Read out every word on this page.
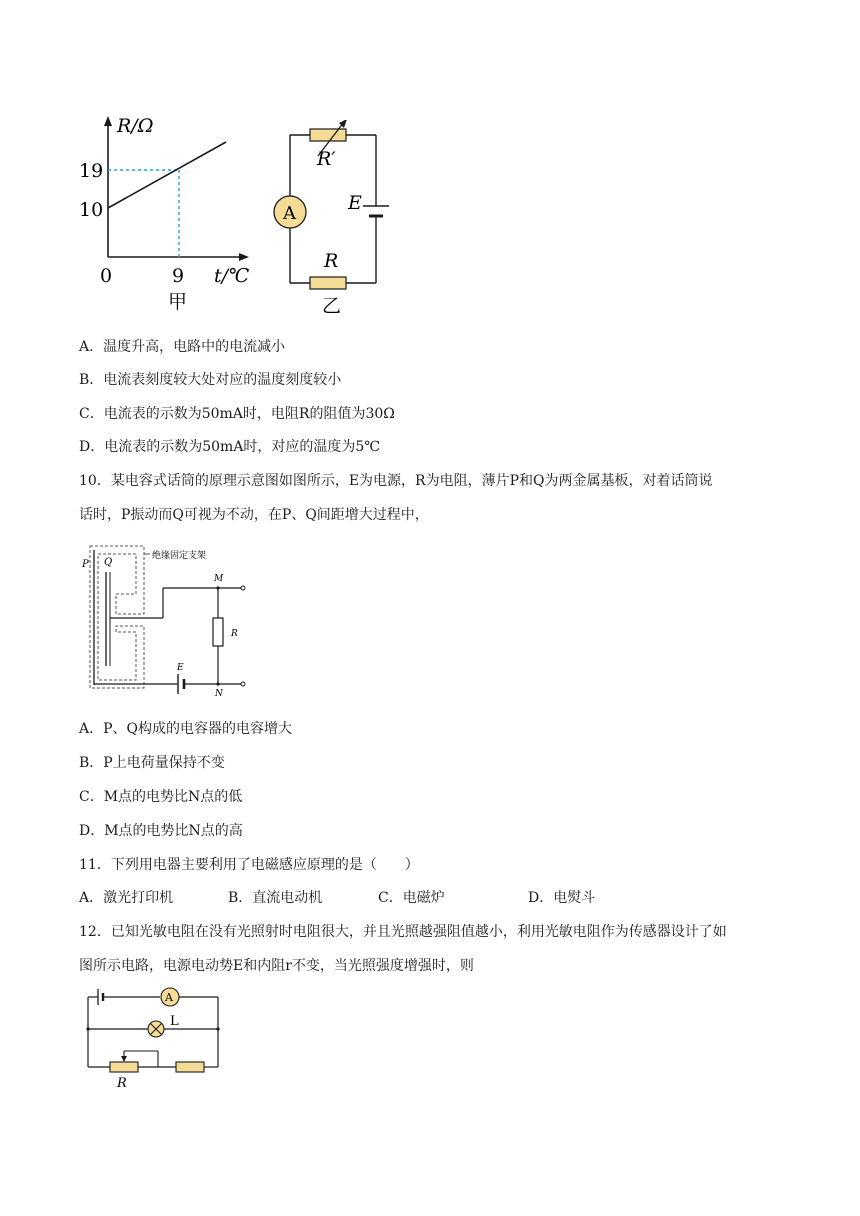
R/Ω
19
10
0	9 t/℃
甲
R′
E
A
R
乙
A．温度升高，电路中的电流减小
B．电流表刻度较大处对应的温度刻度较小
C．电流表的示数为50mA时，电阻R的阻值为30Ω
D．电流表的示数为50mA时，对应的温度为5℃
10．某电容式话筒的原理示意图如图所示，E为电源，R为电阻，薄片P和Q为两金属基板，对着话筒说
话时，P振动而Q可视为不动，在P、Q间距增大过程中，
绝缘固定支架
P Q
M
R
E
N
A．P、Q构成的电容器的电容增大
B．P上电荷量保持不变
C．M点的电势比N点的低
D．M点的电势比N点的高
11．下列用电器主要利用了电磁感应原理的是（　　）
A．激光打印机	B．直流电动机	C．电磁炉	D．电熨斗
12．已知光敏电阻在没有光照射时电阻很大，并且光照越强阻值越小，利用光敏电阻作为传感器设计了如
图所示电路，电源电动势E和内阻r不变，当光照强度增强时，则
A
L
R
